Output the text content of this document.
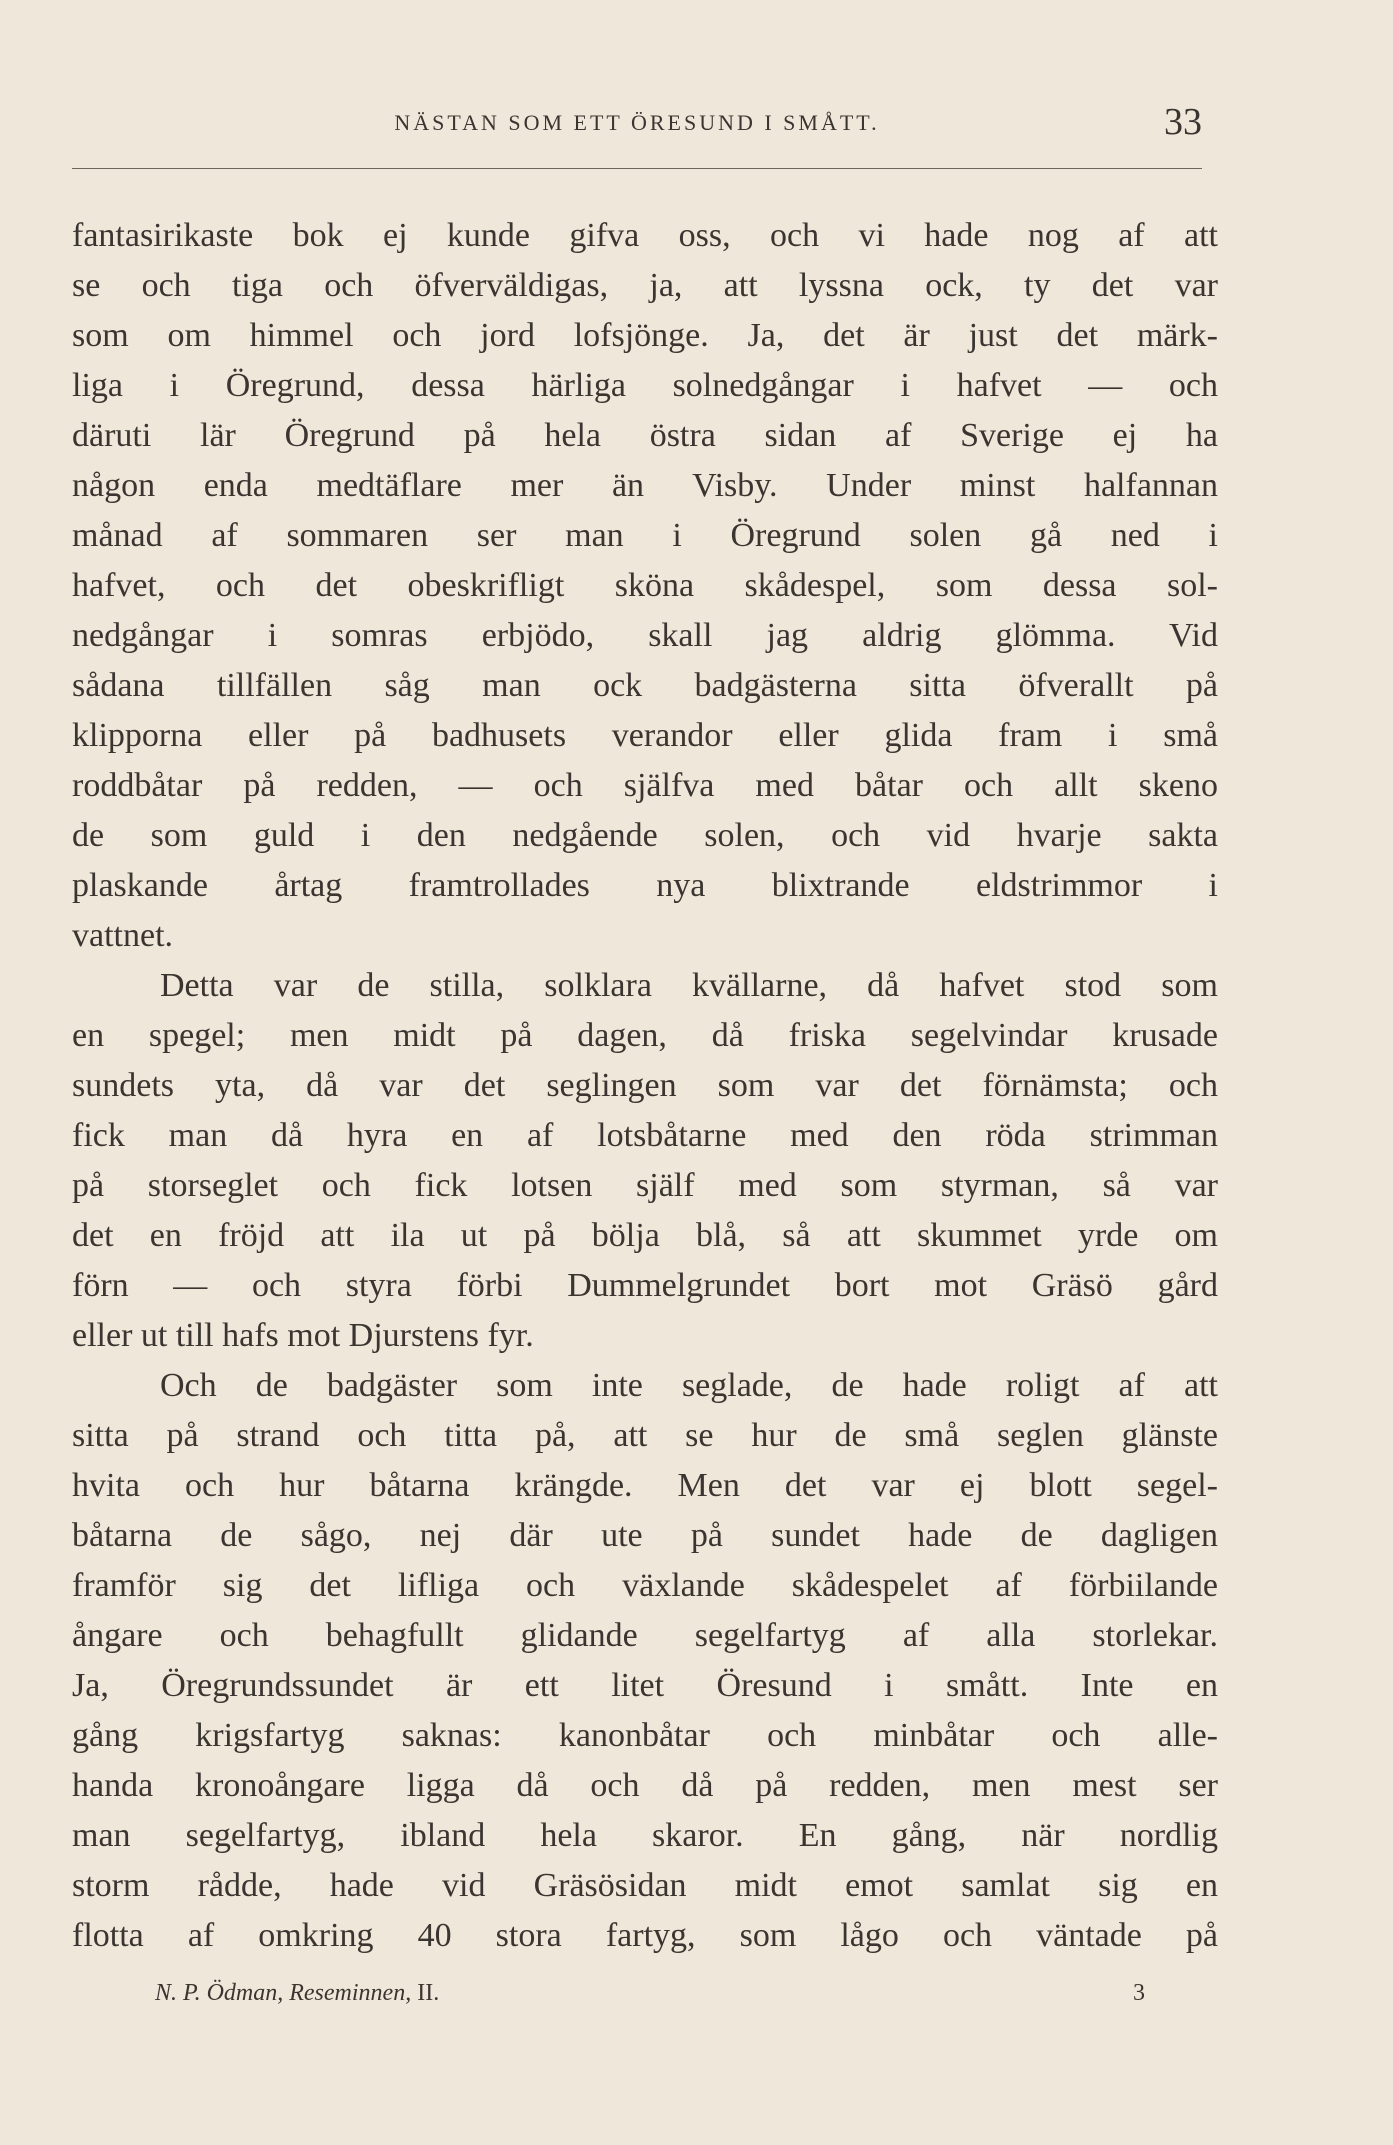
NÄSTAN SOM ETT ÖRESUND I SMÅTT.	33
fantasirikaste bok ej kunde gifva oss, och vi hade nog af att
se och tiga och öfverväldigas, ja, att lyssna ock, ty det var
som om himmel och jord lofsjönge. Ja, det är just det märk-
liga i Öregrund, dessa härliga solnedgångar i hafvet — och
däruti lär Öregrund på hela östra sidan af Sverige ej ha
någon enda medtäflare mer än Visby. Under minst halfannan
månad af sommaren ser man i Öregrund solen gå ned i
hafvet, och det obeskrifligt sköna skådespel, som dessa sol-
nedgångar i somras erbjödo, skall jag aldrig glömma. Vid
sådana tillfällen såg man ock badgästerna sitta öfverallt på
klipporna eller på badhusets verandor eller glida fram i små
roddbåtar på redden, — och själfva med båtar och allt skeno
de som guld i den nedgående solen, och vid hvarje sakta
plaskande årtag framtrollades nya blixtrande eldstrimmor i
vattnet.
Detta var de stilla, solklara kvällarne, då hafvet stod som
en spegel; men midt på dagen, då friska segelvindar krusade
sundets yta, då var det seglingen som var det förnämsta; och
fick man då hyra en af lotsbåtarne med den röda strimman
på storseglet och fick lotsen själf med som styrman, så var
det en fröjd att ila ut på bölja blå, så att skummet yrde om
förn — och styra förbi Dummelgrundet bort mot Gräsö gård
eller ut till hafs mot Djurstens fyr.
Och de badgäster som inte seglade, de hade roligt af att
sitta på strand och titta på, att se hur de små seglen glänste
hvita och hur båtarna krängde. Men det var ej blott segel-
båtarna de sågo, nej där ute på sundet hade de dagligen
framför sig det lifliga och växlande skådespelet af förbiilande
ångare och behagfullt glidande segelfartyg af alla storlekar.
Ja, Öregrundssundet är ett litet Öresund i smått. Inte en
gång krigsfartyg saknas: kanonbåtar och minbåtar och alle-
handa kronoångare ligga då och då på redden, men mest ser
man segelfartyg, ibland hela skaror. En gång, när nordlig
storm rådde, hade vid Gräsösidan midt emot samlat sig en
flotta af omkring 40 stora fartyg, som lågo och väntade på
N. P. Ödman, Reseminnen, II.	3
